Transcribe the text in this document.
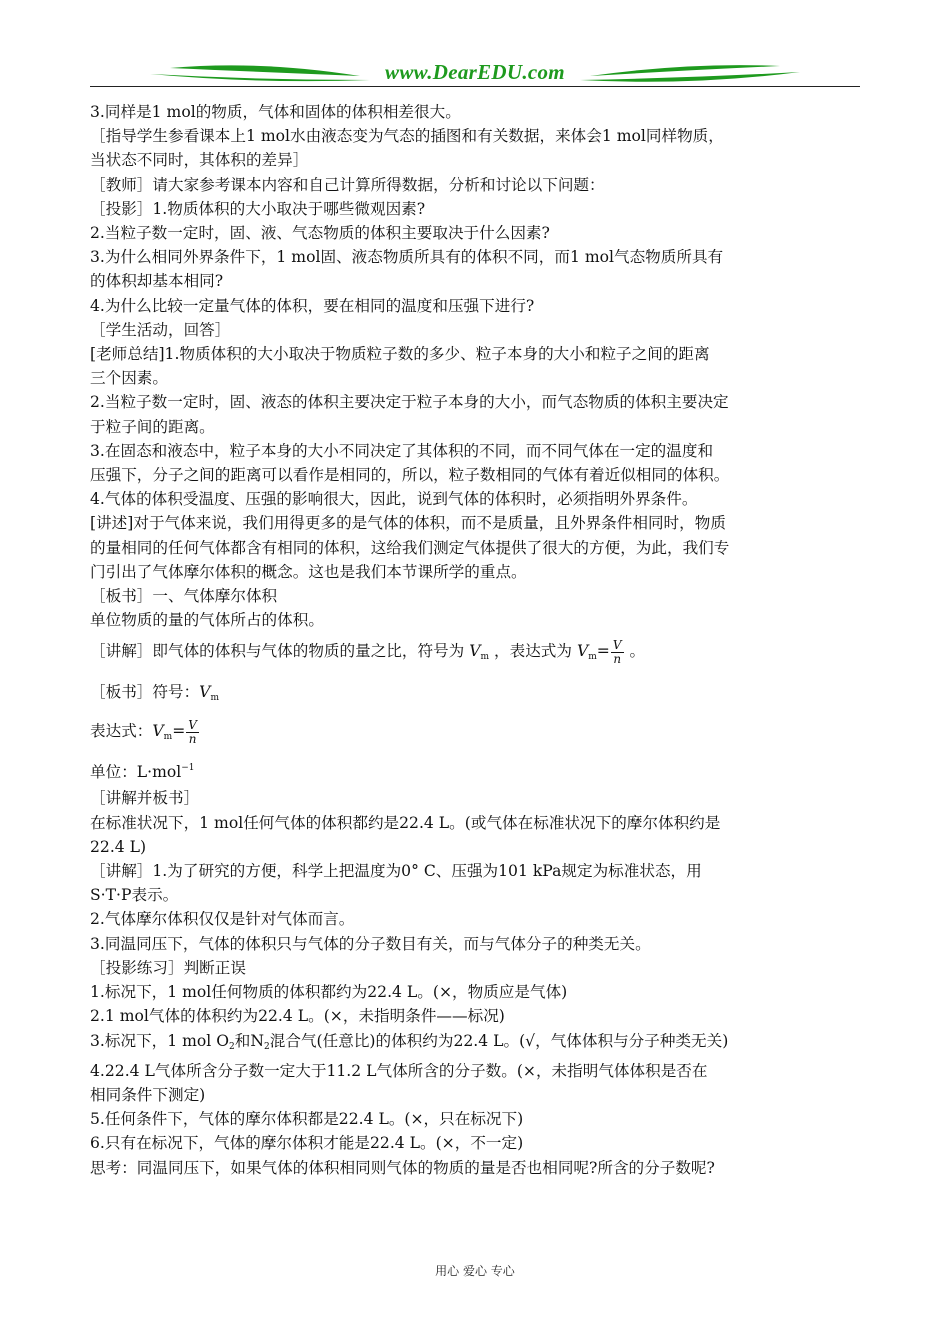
www.DearEDU.com
3.同样是1 mol的物质，气体和固体的体积相差很大。
［指导学生参看课本上1 mol水由液态变为气态的插图和有关数据，来体会1 mol同样物质，
当状态不同时，其体积的差异］
［教师］请大家参考课本内容和自己计算所得数据，分析和讨论以下问题：
［投影］1.物质体积的大小取决于哪些微观因素?
2.当粒子数一定时，固、液、气态物质的体积主要取决于什么因素?
3.为什么相同外界条件下，1 mol固、液态物质所具有的体积不同，而1 mol气态物质所具有
的体积却基本相同?
4.为什么比较一定量气体的体积，要在相同的温度和压强下进行?
［学生活动，回答］
[老师总结]1.物质体积的大小取决于物质粒子数的多少、粒子本身的大小和粒子之间的距离
三个因素。
2.当粒子数一定时，固、液态的体积主要决定于粒子本身的大小，而气态物质的体积主要决定
于粒子间的距离。
3.在固态和液态中，粒子本身的大小不同决定了其体积的不同，而不同气体在一定的温度和
压强下，分子之间的距离可以看作是相同的，所以，粒子数相同的气体有着近似相同的体积。
4.气体的体积受温度、压强的影响很大，因此，说到气体的体积时，必须指明外界条件。
[讲述]对于气体来说，我们用得更多的是气体的体积，而不是质量，且外界条件相同时，物质
的量相同的任何气体都含有相同的体积，这给我们测定气体提供了很大的方便，为此，我们专
门引出了气体摩尔体积的概念。这也是我们本节课所学的重点。
［板书］一、气体摩尔体积
单位物质的量的气体所占的体积。
［讲解］即气体的体积与气体的物质的量之比，符号为 $V_m$ ，表达式为 $V_m= \frac{V}{n}$ 。
［板书］符号：$V_m$
表达式：$V_m= \frac{V}{n}$
单位：L·mol$^{-1}$
［讲解并板书］
在标准状况下，1 mol任何气体的体积都约是22.4 L。(或气体在标准状况下的摩尔体积约是
22.4 L)
［讲解］1.为了研究的方便，科学上把温度为0° C、压强为101 kPa规定为标准状态，用
S·T·P表示。
2.气体摩尔体积仅仅是针对气体而言。
3.同温同压下，气体的体积只与气体的分子数目有关，而与气体分子的种类无关。
［投影练习］判断正误
1.标况下，1 mol任何物质的体积都约为22.4 L。(×，物质应是气体)
2.1 mol气体的体积约为22.4 L。(×，未指明条件——标况)
3.标况下，1 mol $O_2$和$N_2$混合气(任意比)的体积约为22.4 L。(√，气体体积与分子种类无关)
4.22.4 L气体所含分子数一定大于11.2 L气体所含的分子数。(×，未指明气体体积是否在
相同条件下测定)
5.任何条件下，气体的摩尔体积都是22.4 L。(×，只在标况下)
6.只有在标况下，气体的摩尔体积才能是22.4 L。(×，不一定)
思考：同温同压下，如果气体的体积相同则气体的物质的量是否也相同呢?所含的分子数呢?
用心 爱心 专心
